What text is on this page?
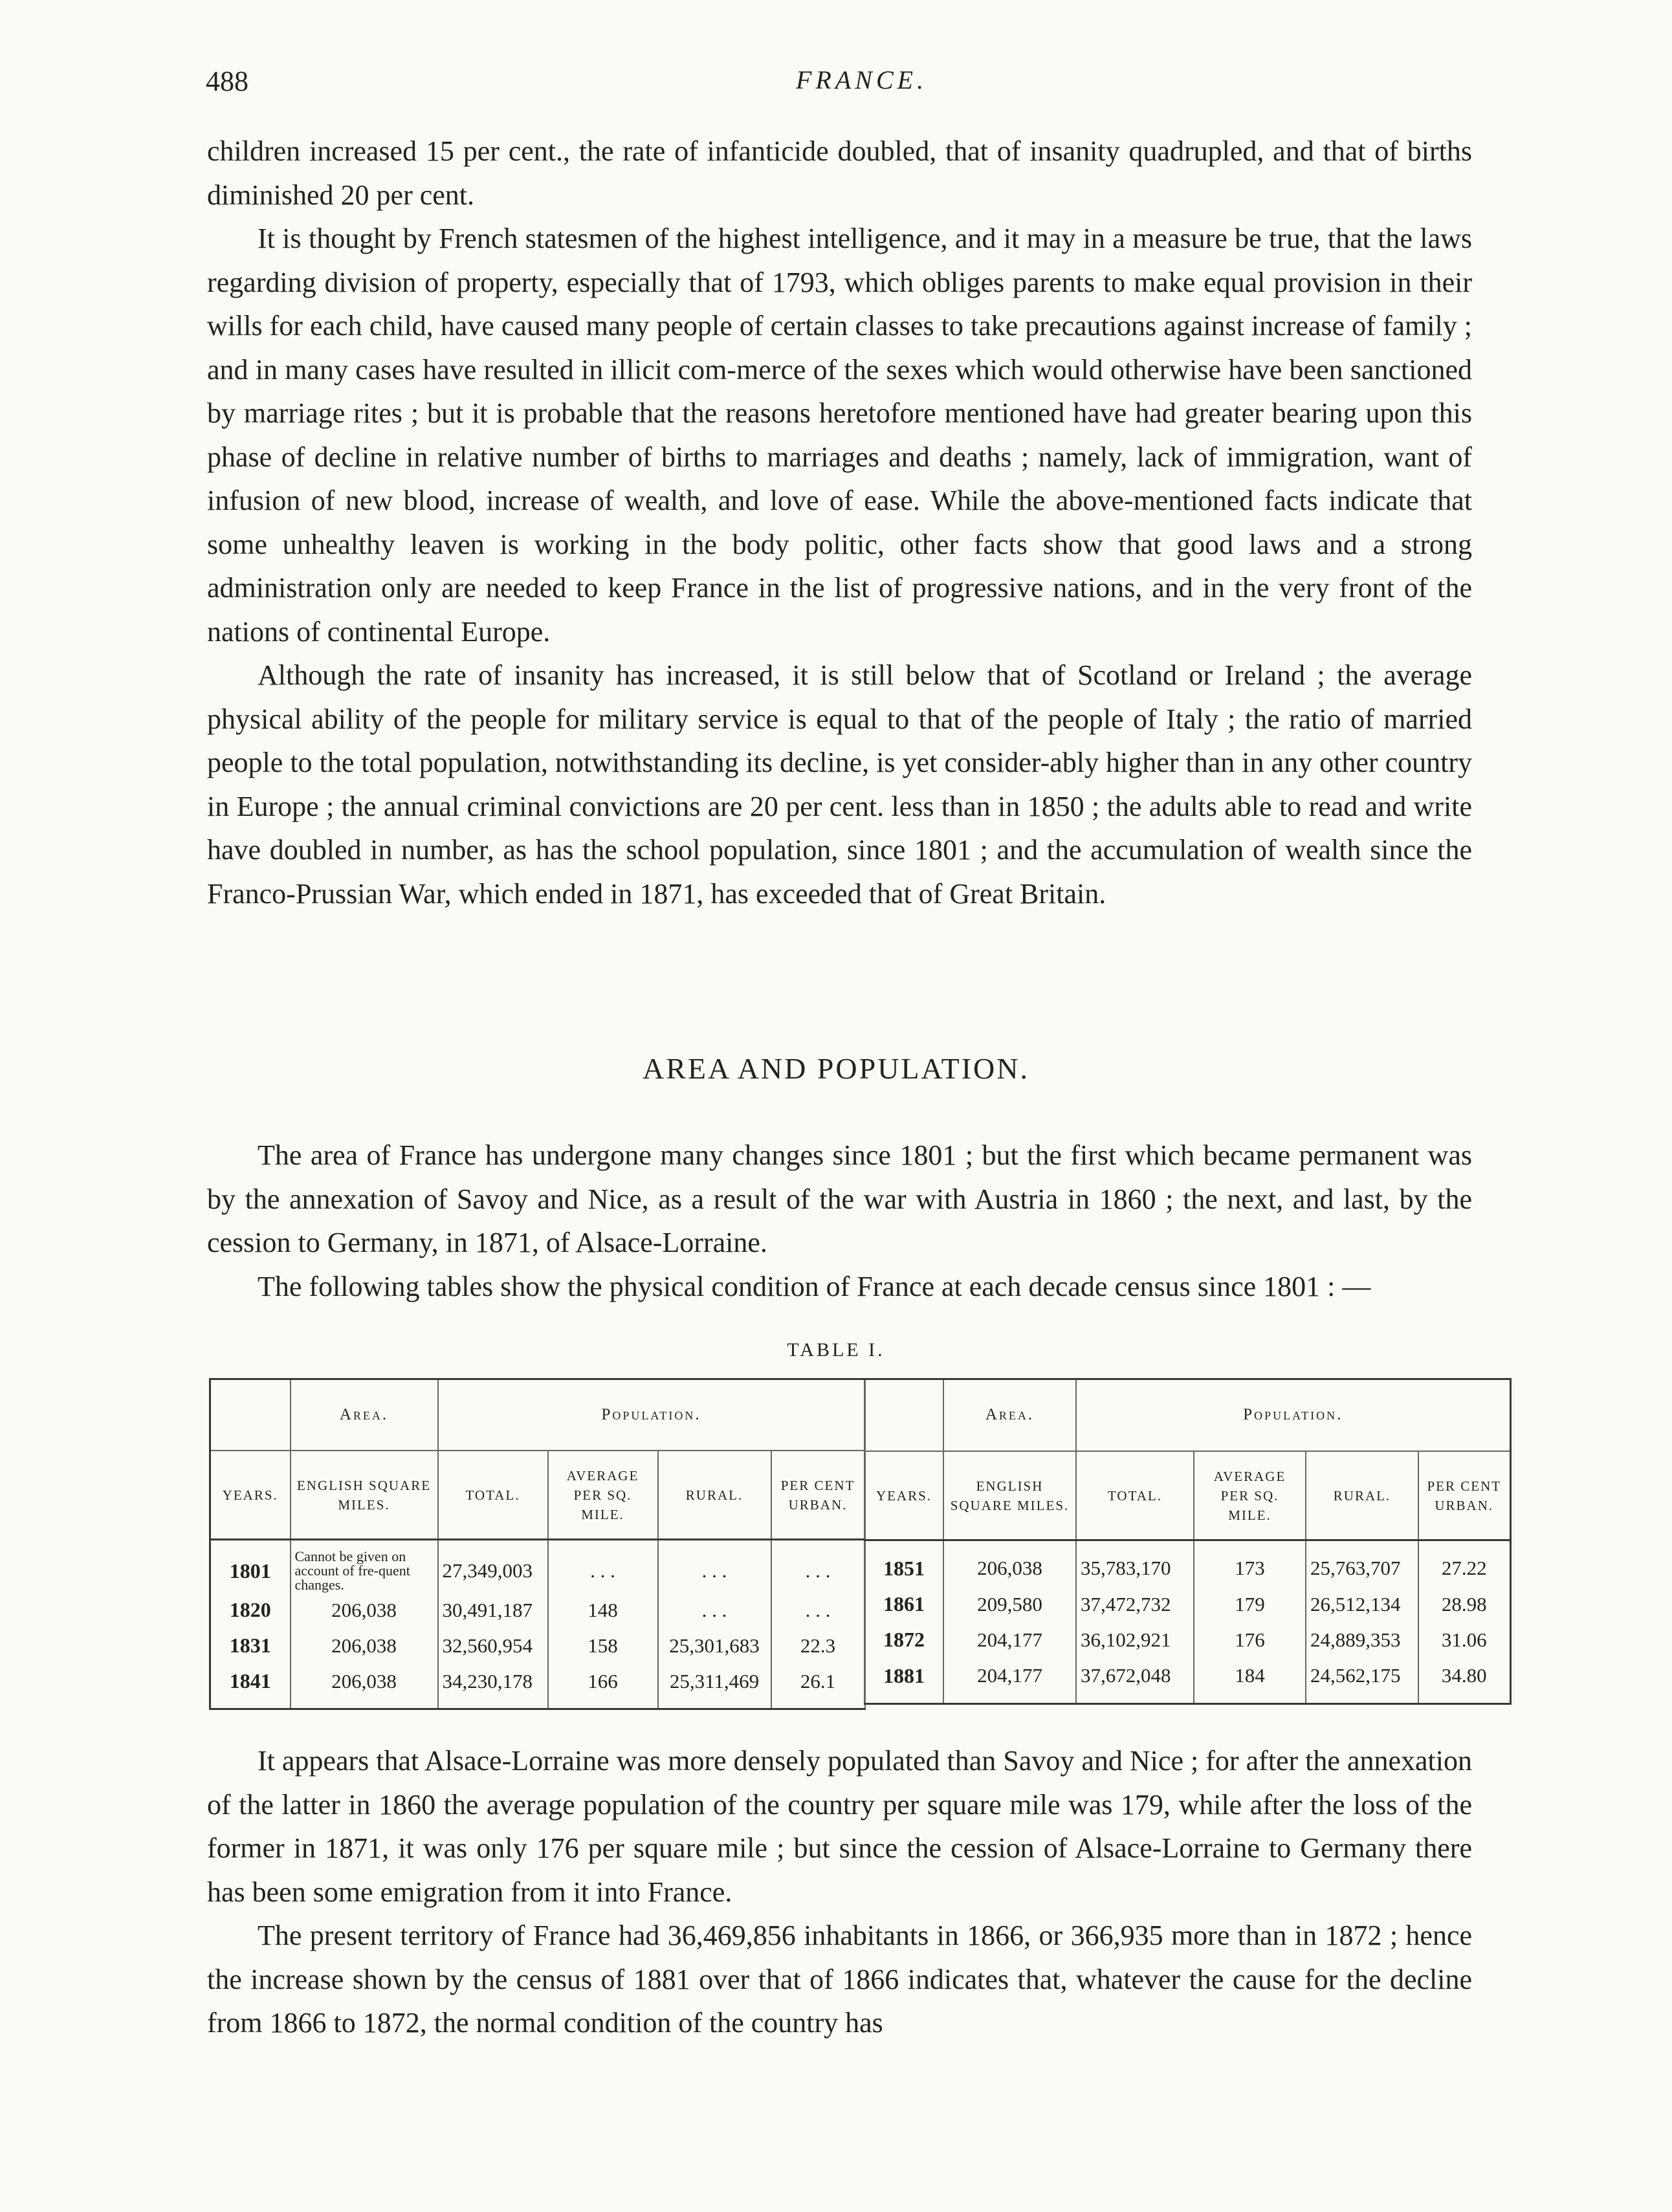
488	FRANCE.

children increased 15 per cent., the rate of infanticide doubled, that of insanity quadrupled, and that of births diminished 20 per cent.

It is thought by French statesmen of the highest intelligence, and it may in a measure be true, that the laws regarding division of property, especially that of 1793, which obliges parents to make equal provision in their wills for each child, have caused many people of certain classes to take precautions against increase of family ; and in many cases have resulted in illicit com-merce of the sexes which would otherwise have been sanctioned by marriage rites ; but it is probable that the reasons heretofore mentioned have had greater bearing upon this phase of decline in relative number of births to marriages and deaths ; namely, lack of immigration, want of infusion of new blood, increase of wealth, and love of ease. While the above-mentioned facts indicate that some unhealthy leaven is working in the body politic, other facts show that good laws and a strong administration only are needed to keep France in the list of progressive nations, and in the very front of the nations of continental Europe.

Although the rate of insanity has increased, it is still below that of Scotland or Ireland ; the average physical ability of the people for military service is equal to that of the people of Italy ; the ratio of married people to the total population, notwithstanding its decline, is yet consider-ably higher than in any other country in Europe ; the annual criminal convictions are 20 per cent. less than in 1850 ; the adults able to read and write have doubled in number, as has the school population, since 1801 ; and the accumulation of wealth since the Franco-Prussian War, which ended in 1871, has exceeded that of Great Britain.

AREA AND POPULATION.

The area of France has undergone many changes since 1801 ; but the first which became permanent was by the annexation of Savoy and Nice, as a result of the war with Austria in 1860 ; the next, and last, by the cession to Germany, in 1871, of Alsace-Lorraine.

The following tables show the physical condition of France at each decade census since 1801 : —

TABLE I.
	Area.	Population.			
YEARS.	ENGLISH SQUARE MILES.	TOTAL.	AVERAGE PER SQ. MILE.	RURAL.	PER CENT URBAN.
1801	Cannot be given on account of fre-quent changes.	27,349,003	. . .	. . .	. . .
1820	206,038	30,491,187	148	. . .	. . .
1831	206,038	32,560,954	158	25,301,683	22.3
1841	206,038	34,230,178	166	25,311,469	26.1
	Area.	Population.			
YEARS.	ENGLISH SQUARE MILES.	TOTAL.	AVERAGE PER SQ. MILE.	RURAL.	PER CENT URBAN.
1851	206,038	35,783,170	173	25,763,707	27.22
1861	209,580	37,472,732	179	26,512,134	28.98
1872	204,177	36,102,921	176	24,889,353	31.06
1881	204,177	37,672,048	184	24,562,175	34.80

It appears that Alsace-Lorraine was more densely populated than Savoy and Nice ; for after the annexation of the latter in 1860 the average population of the country per square mile was 179, while after the loss of the former in 1871, it was only 176 per square mile ; but since the cession of Alsace-Lorraine to Germany there has been some emigration from it into France.

The present territory of France had 36,469,856 inhabitants in 1866, or 366,935 more than in 1872 ; hence the increase shown by the census of 1881 over that of 1866 indicates that, whatever the cause for the decline from 1866 to 1872, the normal condition of the country has
